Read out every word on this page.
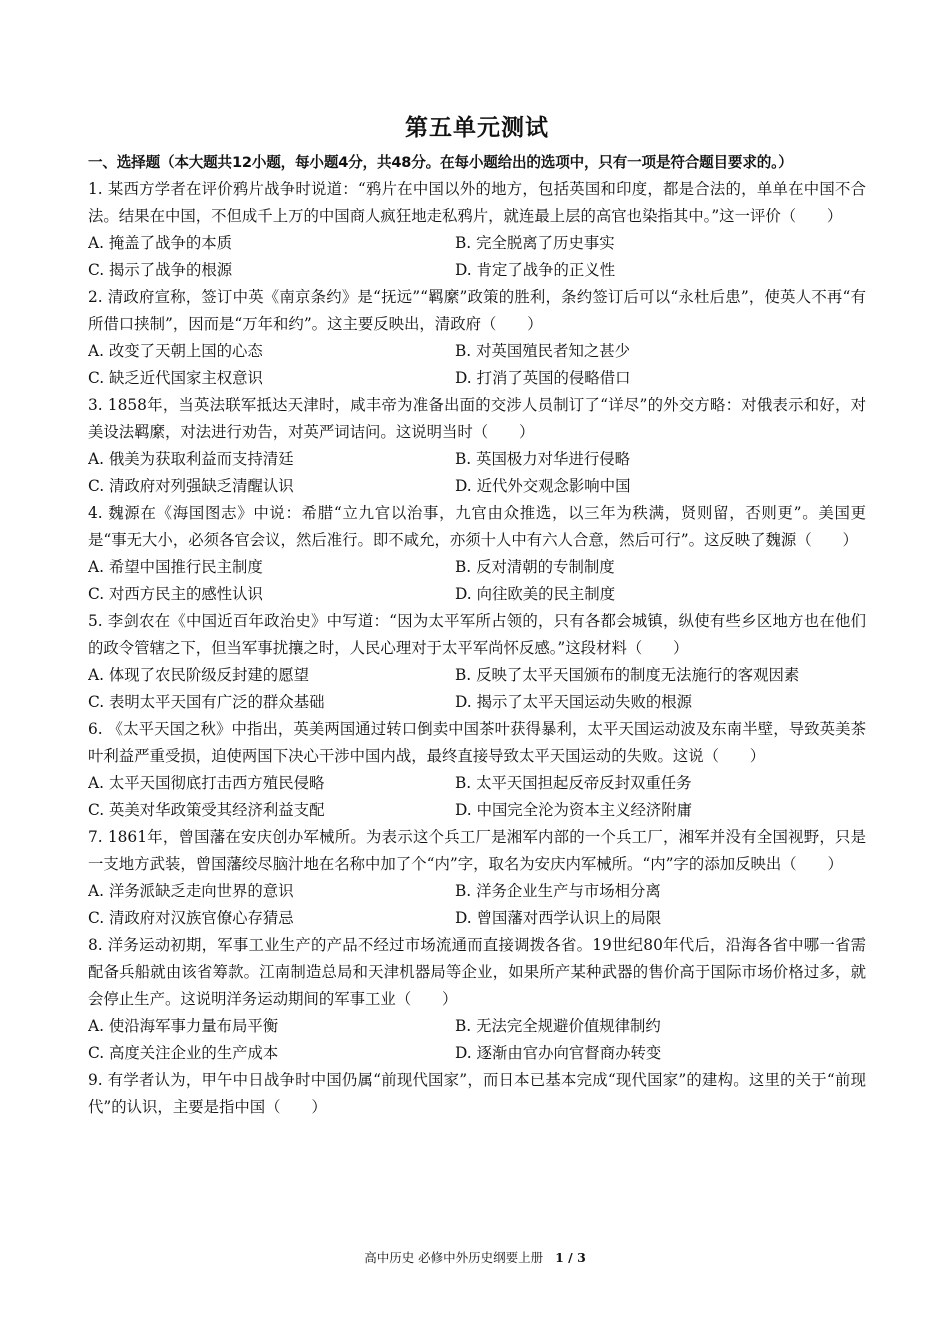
第五单元测试
一、选择题（本大题共12小题，每小题4分，共48分。在每小题给出的选项中，只有一项是符合题目要求的。）

1. 某西方学者在评价鸦片战争时说道：“鸦片在中国以外的地方，包括英国和印度，都是合法的，单单在中国不合法。结果在中国，不但成千上万的中国商人疯狂地走私鸦片，就连最上层的高官也染指其中。”这一评价（　　）

A. 掩盖了战争的本质	B. 完全脱离了历史事实
C. 揭示了战争的根源	D. 肯定了战争的正义性

2. 清政府宣称，签订中英《南京条约》是“抚远”“羁縻”政策的胜利，条约签订后可以“永杜后患”，使英人不再“有所借口挟制”，因而是“万年和约”。这主要反映出，清政府（　　）

A. 改变了天朝上国的心态	B. 对英国殖民者知之甚少
C. 缺乏近代国家主权意识	D. 打消了英国的侵略借口

3. 1858年，当英法联军抵达天津时，咸丰帝为准备出面的交涉人员制订了“详尽”的外交方略：对俄表示和好，对美设法羁縻，对法进行劝告，对英严词诘问。这说明当时（　　）

A. 俄美为获取利益而支持清廷	B. 英国极力对华进行侵略
C. 清政府对列强缺乏清醒认识	D. 近代外交观念影响中国

4. 魏源在《海国图志》中说：希腊“立九官以治事，九官由众推选，以三年为秩满，贤则留，否则更”。美国更是“事无大小，必须各官会议，然后准行。即不咸允，亦须十人中有六人合意，然后可行”。这反映了魏源（　　）

A. 希望中国推行民主制度	B. 反对清朝的专制制度
C. 对西方民主的感性认识	D. 向往欧美的民主制度

5. 李剑农在《中国近百年政治史》中写道：“因为太平军所占领的，只有各都会城镇，纵使有些乡区地方也在他们的政令管辖之下，但当军事扰攘之时，人民心理对于太平军尚怀反感。”这段材料（　　）

A. 体现了农民阶级反封建的愿望	B. 反映了太平天国颁布的制度无法施行的客观因素
C. 表明太平天国有广泛的群众基础	D. 揭示了太平天国运动失败的根源

6. 《太平天国之秋》中指出，英美两国通过转口倒卖中国茶叶获得暴利，太平天国运动波及东南半壁，导致英美茶叶利益严重受损，迫使两国下决心干涉中国内战，最终直接导致太平天国运动的失败。这说（　　）

A. 太平天国彻底打击西方殖民侵略	B. 太平天国担起反帝反封双重任务
C. 英美对华政策受其经济利益支配	D. 中国完全沦为资本主义经济附庸

7. 1861年，曾国藩在安庆创办军械所。为表示这个兵工厂是湘军内部的一个兵工厂，湘军并没有全国视野，只是一支地方武装，曾国藩绞尽脑汁地在名称中加了个“内”字，取名为安庆内军械所。“内”字的添加反映出（　　）

A. 洋务派缺乏走向世界的意识	B. 洋务企业生产与市场相分离
C. 清政府对汉族官僚心存猜忌	D. 曾国藩对西学认识上的局限

8. 洋务运动初期，军事工业生产的产品不经过市场流通而直接调拨各省。19世纪80年代后，沿海各省中哪一省需配备兵船就由该省筹款。江南制造总局和天津机器局等企业，如果所产某种武器的售价高于国际市场价格过多，就会停止生产。这说明洋务运动期间的军事工业（　　）

A. 使沿海军事力量布局平衡	B. 无法完全规避价值规律制约
C. 高度关注企业的生产成本	D. 逐渐由官办向官督商办转变

9. 有学者认为，甲午中日战争时中国仍属“前现代国家”，而日本已基本完成“现代国家”的建构。这里的关于“前现代”的认识，主要是指中国（　　）

高中历史 必修中外历史纲要上册 1 / 3
